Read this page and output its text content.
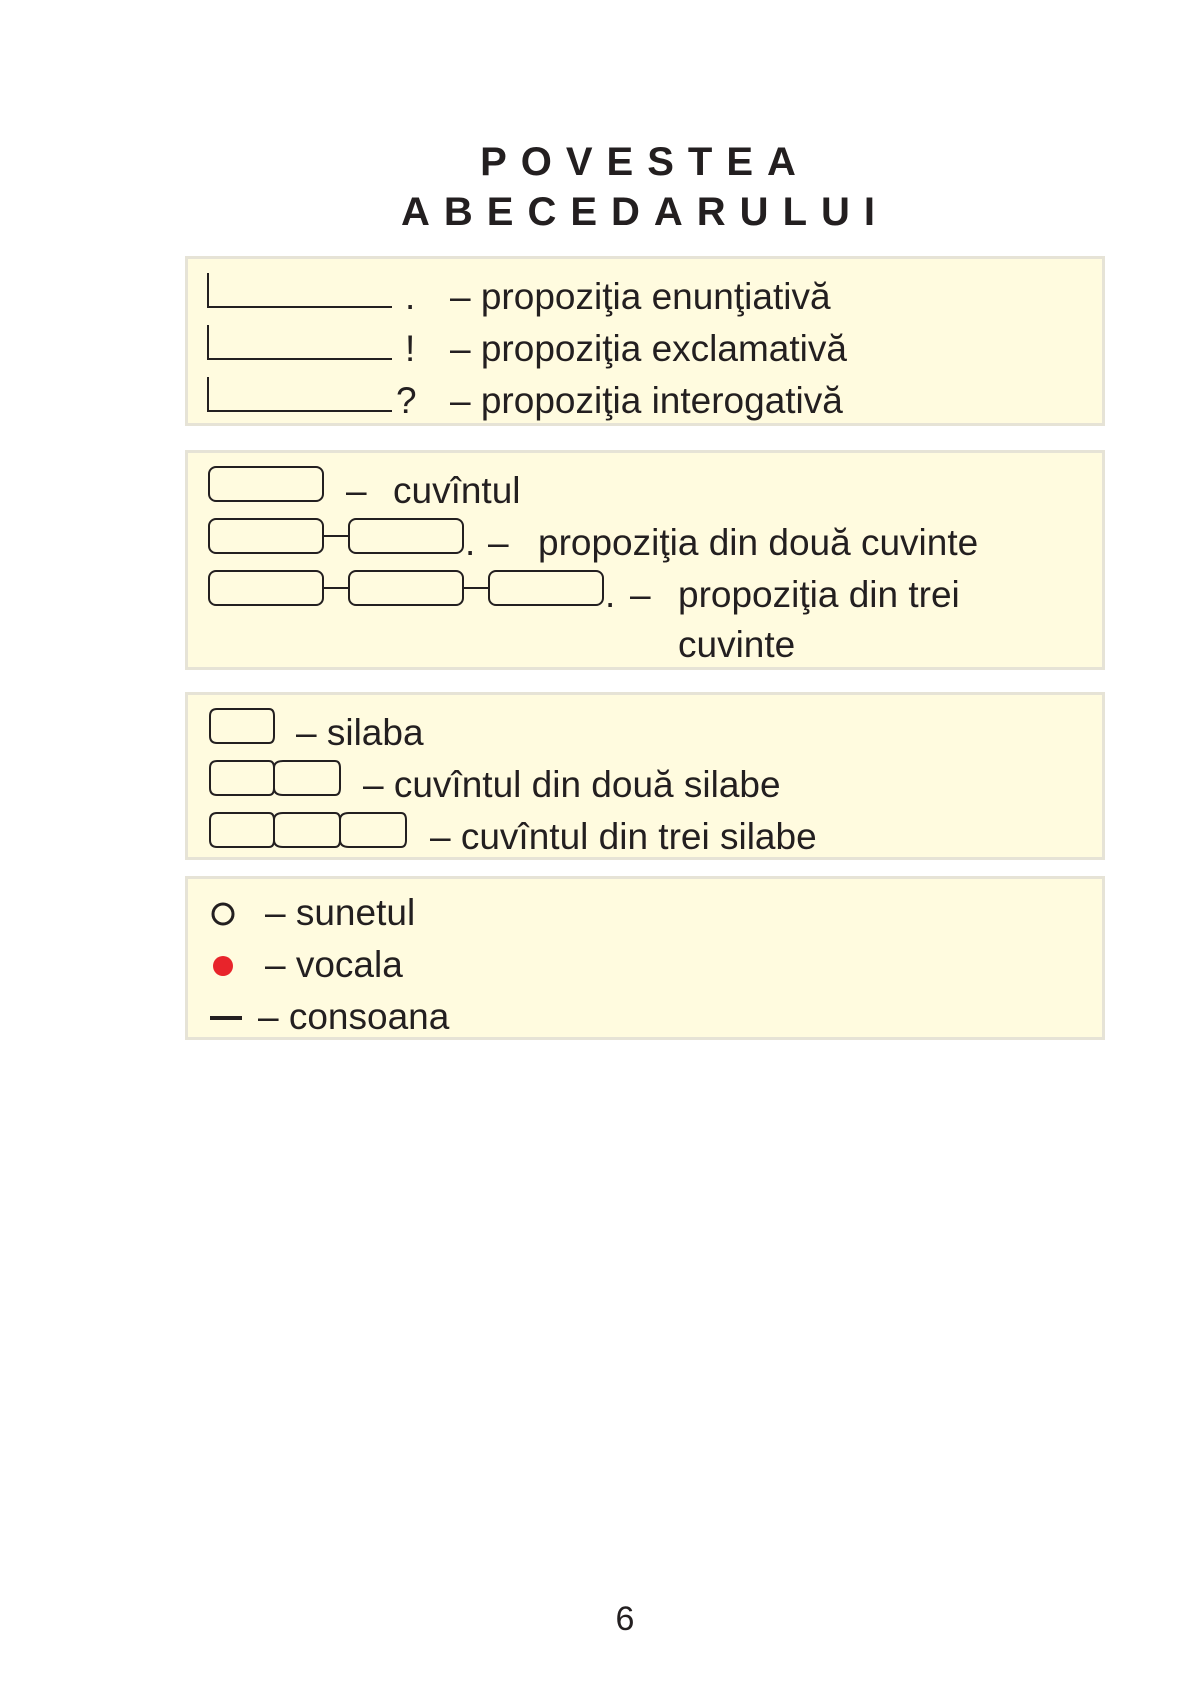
POVESTEA
ABECEDARULUI
. – propoziţia enunţiativă
! – propoziţia exclamativă
? – propoziţia interogativă
– cuvîntul
. – propoziţia din două cuvinte
. – propoziţia din trei
cuvinte
– silaba
– cuvîntul din două silabe
– cuvîntul din trei silabe
– sunetul
– vocala
– consoana
6
